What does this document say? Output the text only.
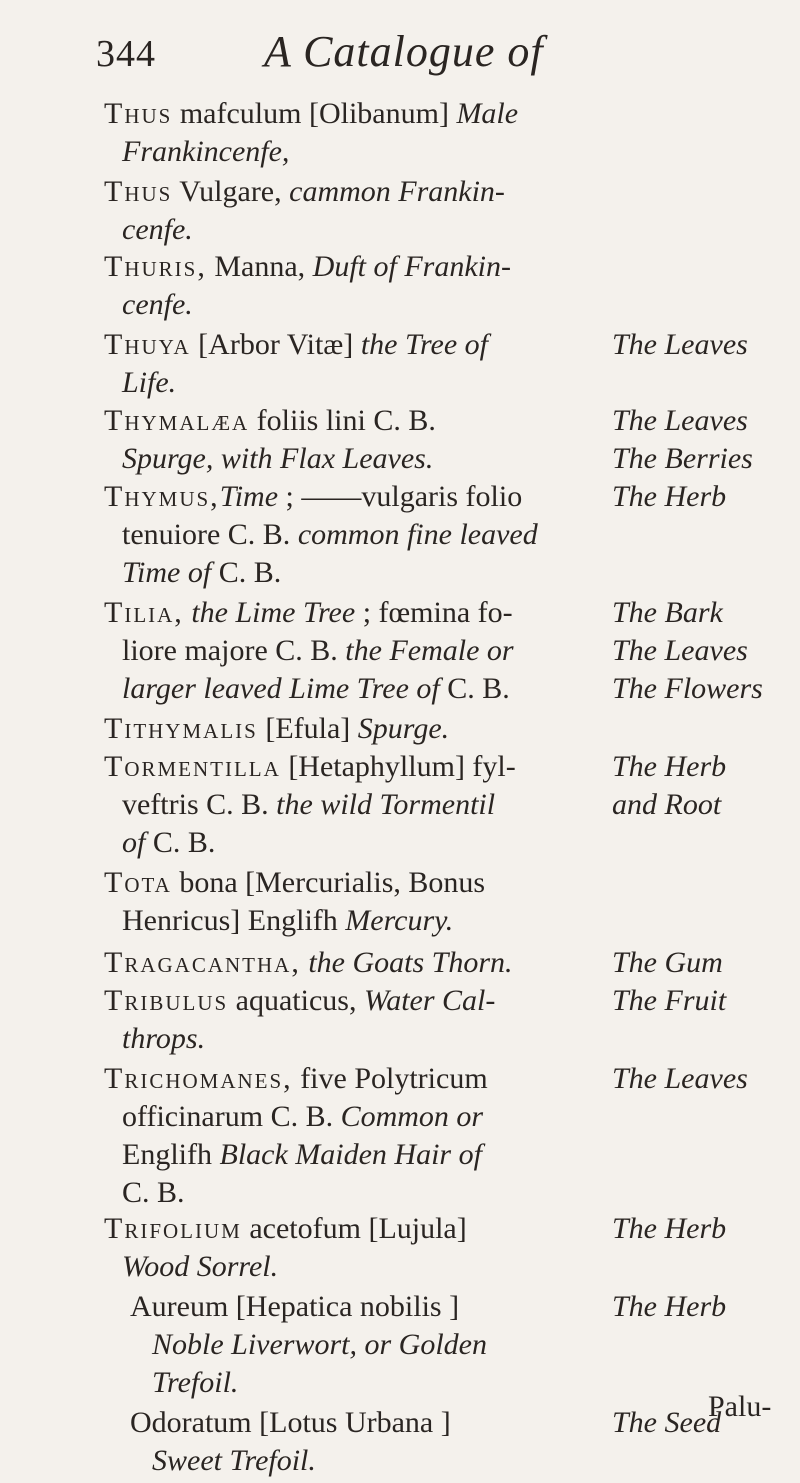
344 A Catalogue of
Thus mafculum [Olibanum] Male
Frankincenfe,
Thus Vulgare, cammon Frankin-
cenfe.
Thuris, Manna, Duft of Frankin-
cenfe.
Thuya [Arbor Vitæ] the Tree of
Life.
Thymalæa foliis lini C. B.
Spurge, with Flax Leaves.
Thymus,Time ; ——vulgaris folio
tenuiore C. B. common fine leaved
Time of C. B.
Tilia, the Lime Tree ; fœmina fo-
liore majore C. B. the Female or
larger leaved Lime Tree of C. B.
Tithymalis [Efula] Spurge.
Tormentilla [Hetaphyllum] fyl-
veftris C. B. the wild Tormentil
of C. B.
Tota bona [Mercurialis, Bonus
Henricus] Englifh Mercury.
Tragacantha, the Goats Thorn.
Tribulus aquaticus, Water Cal-
throps.
Trichomanes, five Polytricum
officinarum C. B. Common or
Englifh Black Maiden Hair of
C. B.
Trifolium acetofum [Lujula]
Wood Sorrel.
Aureum [Hepatica nobilis ]
Noble Liverwort, or Golden
Trefoil.
Odoratum [Lotus Urbana ]
Sweet Trefoil.
The Leaves
The Leaves
The Berries
The Herb
The Bark
The Leaves
The Flowers
The Herb
and Root
The Gum
The Fruit
The Leaves
The Herb
The Herb
The Seed
Palu-
